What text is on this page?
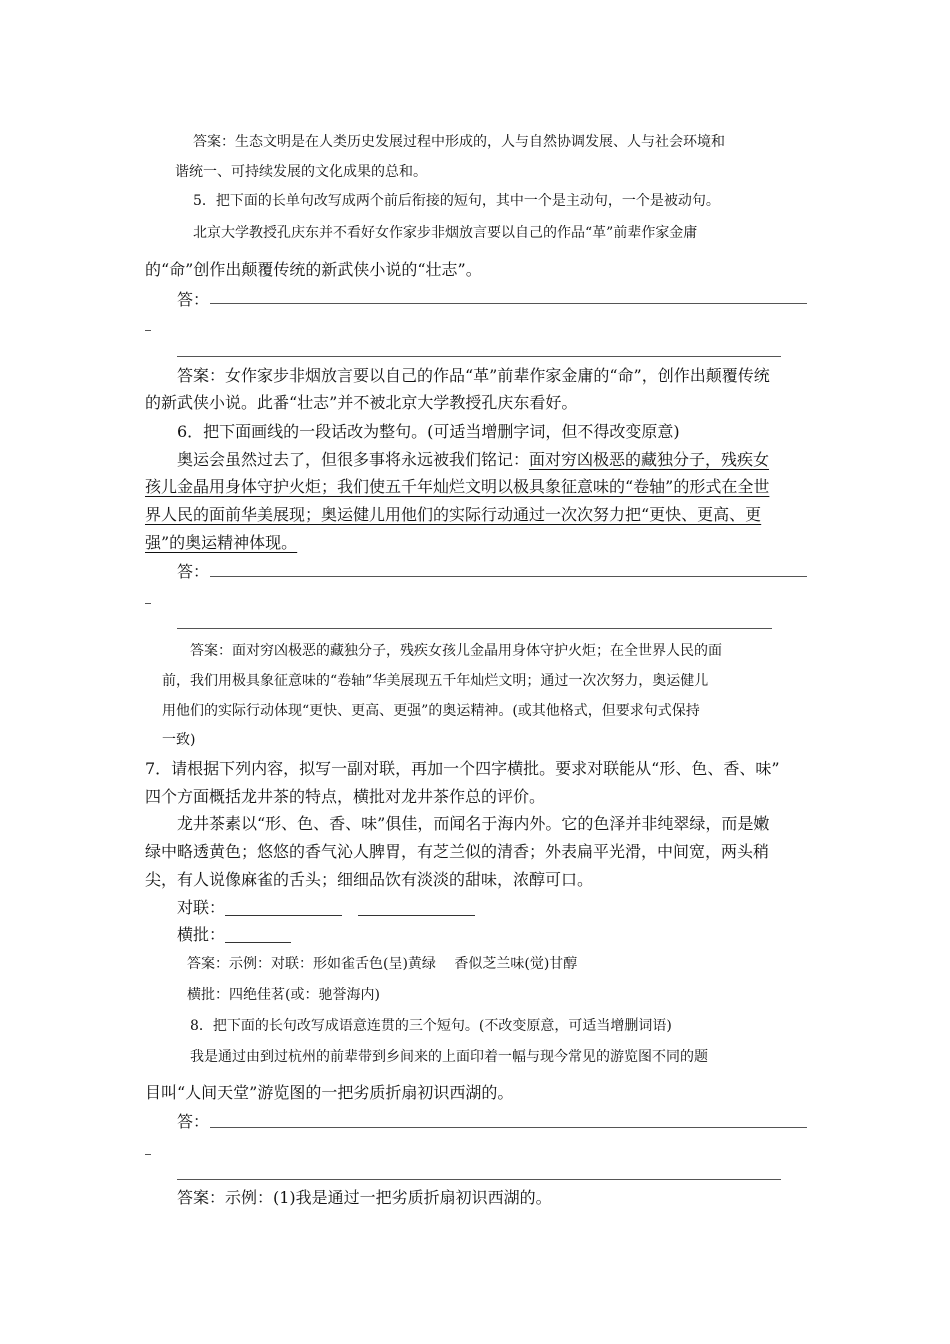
答案：生态文明是在人类历史发展过程中形成的，人与自然协调发展、人与社会环境和

谐统一、可持续发展的文化成果的总和。

5．把下面的长单句改写成两个前后衔接的短句，其中一个是主动句，一个是被动句。

北京大学教授孔庆东并不看好女作家步非烟放言要以自己的作品“革”前辈作家金庸

的“命”创作出颠覆传统的新武侠小说的“壮志”。

答：

答案：女作家步非烟放言要以自己的作品“革”前辈作家金庸的“命”，创作出颠覆传统

的新武侠小说。此番“壮志”并不被北京大学教授孔庆东看好。

6．把下面画线的一段话改为整句。(可适当增删字词，但不得改变原意)

奥运会虽然过去了，但很多事将永远被我们铭记：面对穷凶极恶的藏独分子，残疾女

孩儿金晶用身体守护火炬；我们使五千年灿烂文明以极具象征意味的“卷轴”的形式在全世

界人民的面前华美展现；奥运健儿用他们的实际行动通过一次次努力把“更快、更高、更

强”的奥运精神体现。

答：

答案：面对穷凶极恶的藏独分子，残疾女孩儿金晶用身体守护火炬；在全世界人民的面

前，我们用极具象征意味的“卷轴”华美展现五千年灿烂文明；通过一次次努力，奥运健儿

用他们的实际行动体现“更快、更高、更强”的奥运精神。(或其他格式，但要求句式保持

一致)

7．请根据下列内容，拟写一副对联，再加一个四字横批。要求对联能从“形、色、香、味”

四个方面概括龙井茶的特点，横批对龙井茶作总的评价。

龙井茶素以“形、色、香、味”俱佳，而闻名于海内外。它的色泽并非纯翠绿，而是嫩

绿中略透黄色；悠悠的香气沁人脾胃，有芝兰似的清香；外表扁平光滑，中间宽，两头稍

尖，有人说像麻雀的舌头；细细品饮有淡淡的甜味，浓醇可口。

对联：

横批：

答案：示例：对联：形如雀舌色(呈)黄绿　 香似芝兰味(觉)甘醇

横批：四绝佳茗(或：驰誉海内)

8．把下面的长句改写成语意连贯的三个短句。(不改变原意，可适当增删词语)

我是通过由到过杭州的前辈带到乡间来的上面印着一幅与现今常见的游览图不同的题

目叫“人间天堂”游览图的一把劣质折扇初识西湖的。

答：

答案：示例：(1)我是通过一把劣质折扇初识西湖的。
